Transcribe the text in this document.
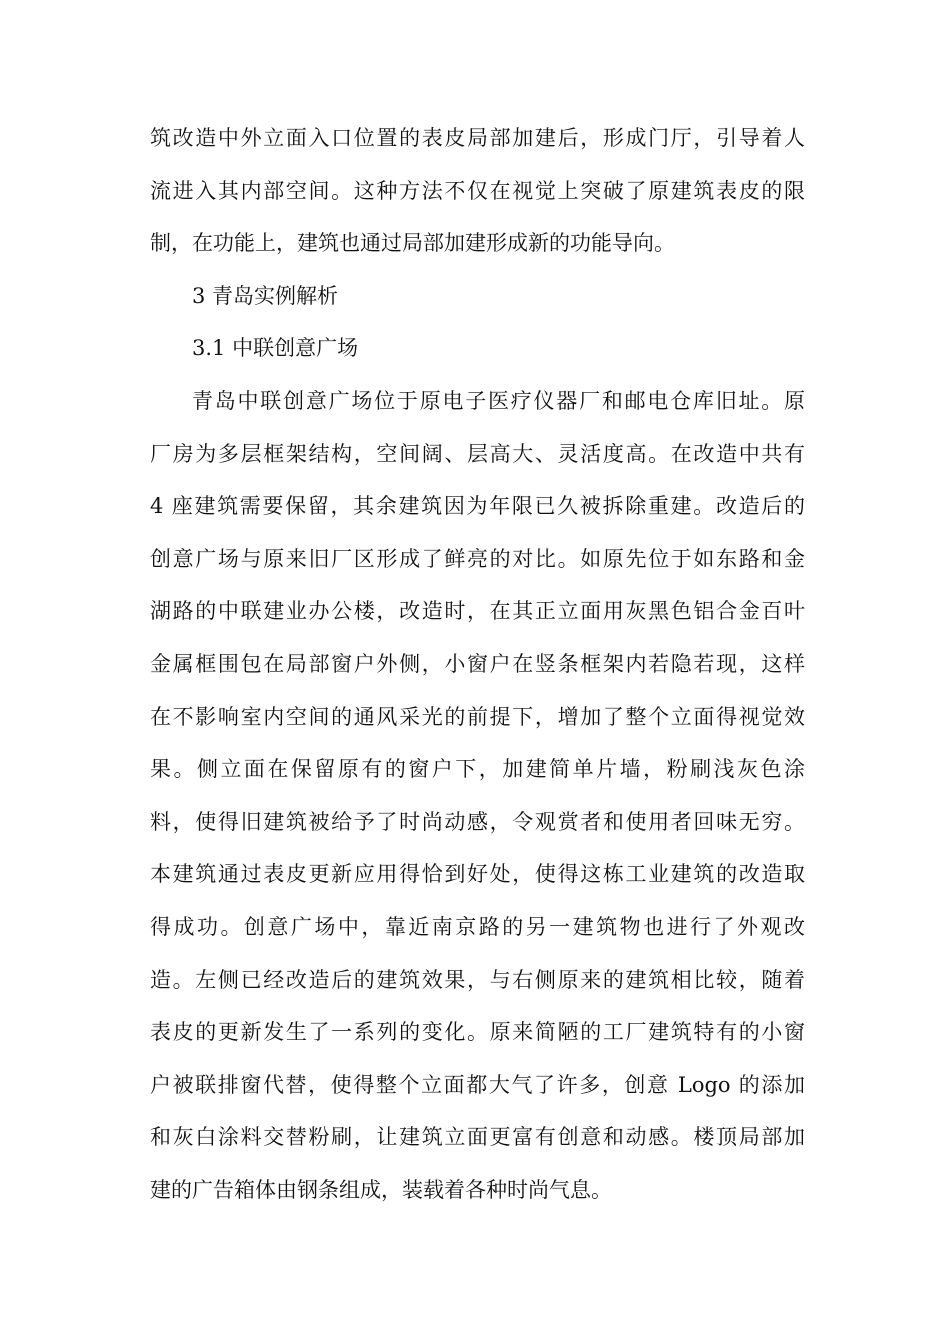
筑改造中外立面入口位置的表皮局部加建后，形成门厅，引导着人
流进入其内部空间。这种方法不仅在视觉上突破了原建筑表皮的限
制，在功能上，建筑也通过局部加建形成新的功能导向。
3 青岛实例解析
3.1 中联创意广场
青岛中联创意广场位于原电子医疗仪器厂和邮电仓库旧址。原
厂房为多层框架结构，空间阔、层高大、灵活度高。在改造中共有
4 座建筑需要保留，其余建筑因为年限已久被拆除重建。改造后的
创意广场与原来旧厂区形成了鲜亮的对比。如原先位于如东路和金
湖路的中联建业办公楼，改造时，在其正立面用灰黑色铝合金百叶
金属框围包在局部窗户外侧，小窗户在竖条框架内若隐若现，这样
在不影响室内空间的通风采光的前提下，增加了整个立面得视觉效
果。侧立面在保留原有的窗户下，加建简单片墙，粉刷浅灰色涂
料，使得旧建筑被给予了时尚动感，令观赏者和使用者回味无穷。
本建筑通过表皮更新应用得恰到好处，使得这栋工业建筑的改造取
得成功。创意广场中，靠近南京路的另一建筑物也进行了外观改
造。左侧已经改造后的建筑效果，与右侧原来的建筑相比较，随着
表皮的更新发生了一系列的变化。原来简陋的工厂建筑特有的小窗
户被联排窗代替，使得整个立面都大气了许多，创意 Logo 的添加
和灰白涂料交替粉刷，让建筑立面更富有创意和动感。楼顶局部加
建的广告箱体由钢条组成，装载着各种时尚气息。
